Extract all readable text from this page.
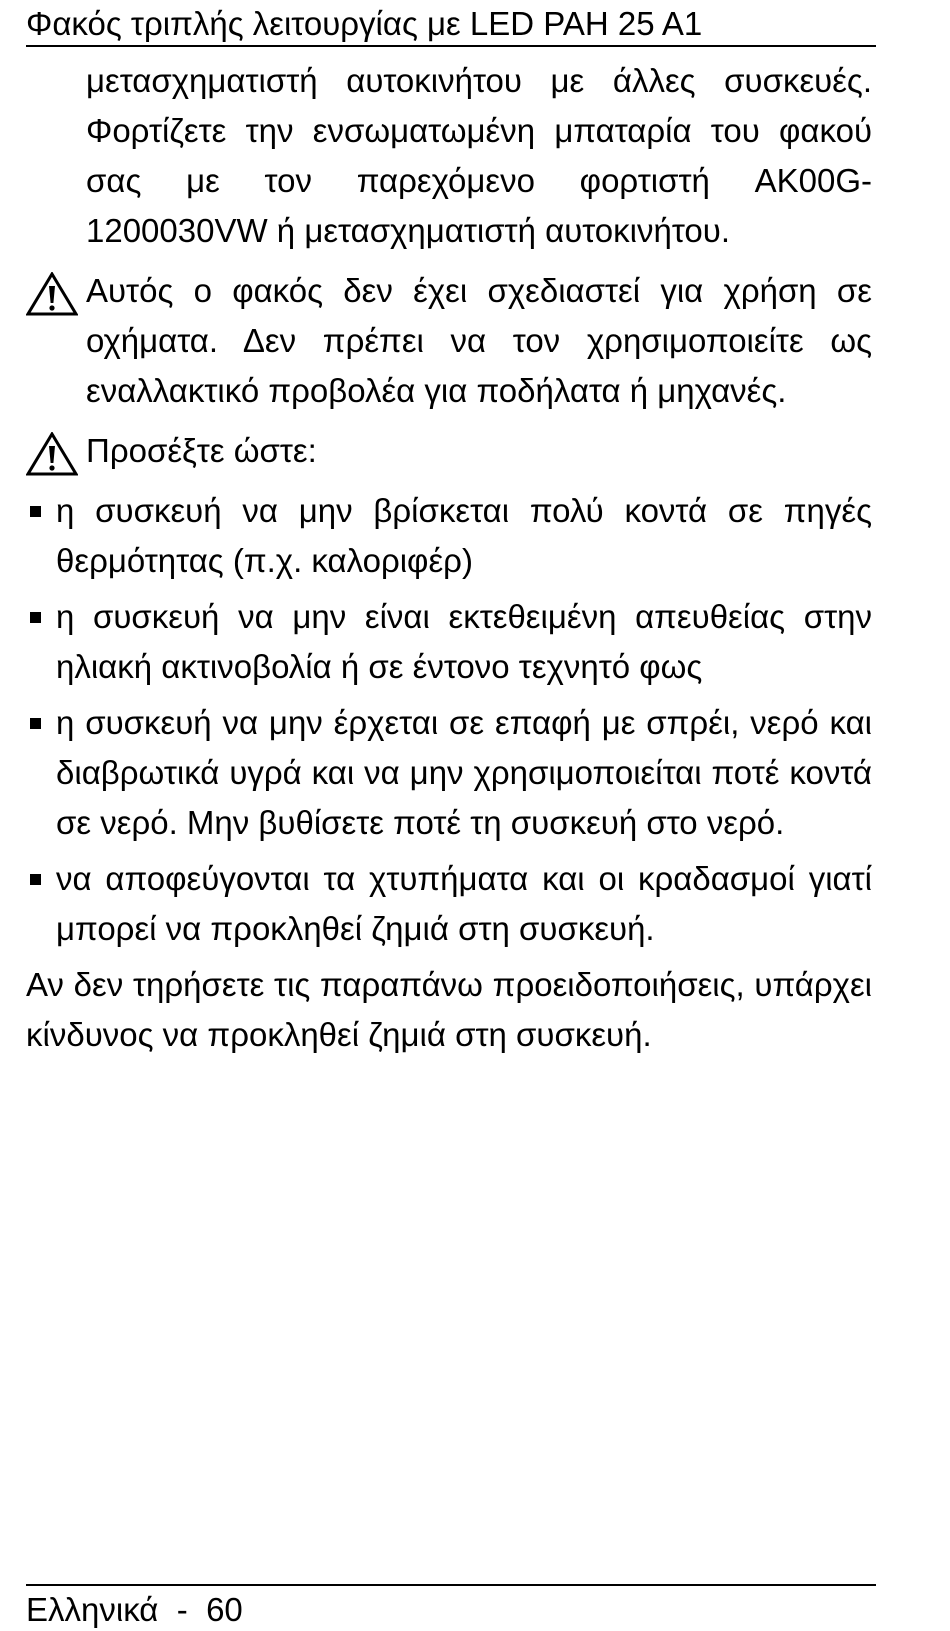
Φακός τριπλής λειτουργίας με LED PAH 25 A1

μετασχηματιστή αυτοκινήτου με άλλες συσκευές. Φορτίζετε την ενσωματωμένη μπαταρία του φακού σας με τον παρεχόμενο φορτιστή AK00G-1200030VW ή μετασχηματιστή αυτοκινήτου.

Αυτός ο φακός δεν έχει σχεδιαστεί για χρήση σε οχήματα. Δεν πρέπει να τον χρησιμοποιείτε ως εναλλακτικό προβολέα για ποδήλατα ή μηχανές.

Προσέξτε ώστε:

η συσκευή να μην βρίσκεται πολύ κοντά σε πηγές θερμότητας (π.χ. καλοριφέρ)

η συσκευή να μην είναι εκτεθειμένη απευθείας στην ηλιακή ακτινοβολία ή σε έντονο τεχνητό φως

η συσκευή να μην έρχεται σε επαφή με σπρέι, νερό και διαβρωτικά υγρά και να μην χρησιμοποιείται ποτέ κοντά σε νερό. Μην βυθίσετε ποτέ τη συσκευή στο νερό.

να αποφεύγονται τα χτυπήματα και οι κραδασμοί γιατί μπορεί να προκληθεί ζημιά στη συσκευή.

Αν δεν τηρήσετε τις παραπάνω προειδοποιήσεις, υπάρχει κίνδυνος να προκληθεί ζημιά στη συσκευή.

Ελληνικά - 60
